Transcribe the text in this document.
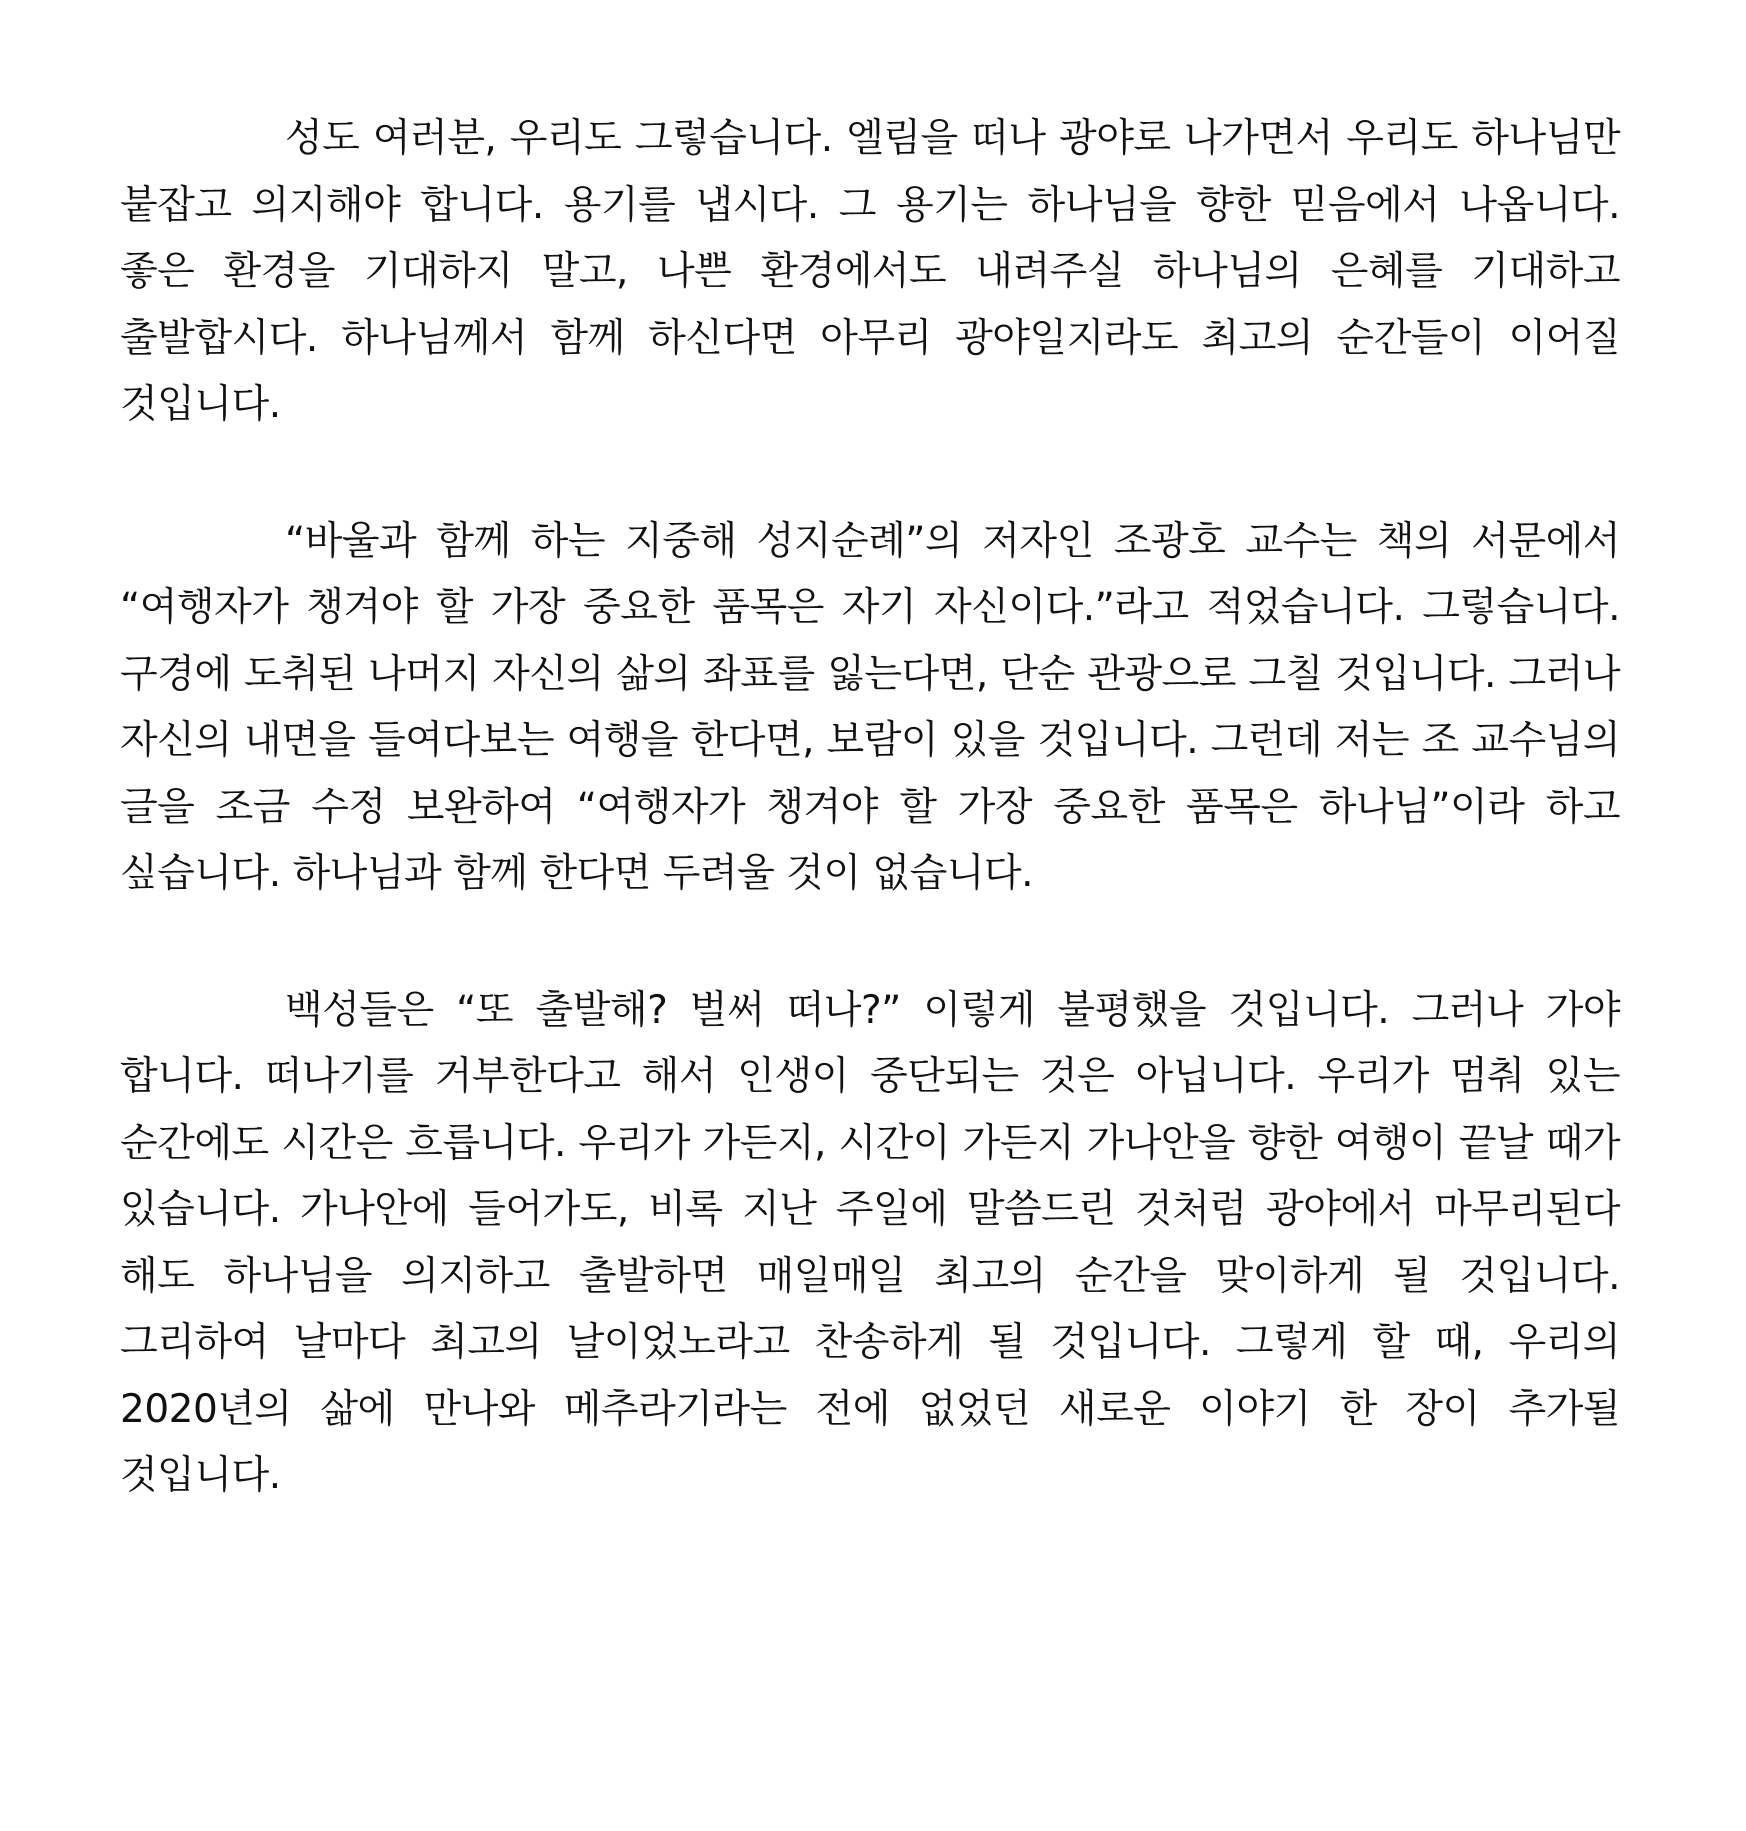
성도 여러분, 우리도 그렇습니다. 엘림을 떠나 광야로 나가면서 우리도 하나님만 붙잡고 의지해야 합니다. 용기를 냅시다. 그 용기는 하나님을 향한 믿음에서 나옵니다. 좋은 환경을 기대하지 말고, 나쁜 환경에서도 내려주실 하나님의 은혜를 기대하고 출발합시다. 하나님께서 함께 하신다면 아무리 광야일지라도 최고의 순간들이 이어질 것입니다.

“바울과 함께 하는 지중해 성지순례”의 저자인 조광호 교수는 책의 서문에서 “여행자가 챙겨야 할 가장 중요한 품목은 자기 자신이다.”라고 적었습니다. 그렇습니다. 구경에 도취된 나머지 자신의 삶의 좌표를 잃는다면, 단순 관광으로 그칠 것입니다. 그러나 자신의 내면을 들여다보는 여행을 한다면, 보람이 있을 것입니다. 그런데 저는 조 교수님의 글을 조금 수정 보완하여 “여행자가 챙겨야 할 가장 중요한 품목은 하나님”이라 하고 싶습니다. 하나님과 함께 한다면 두려울 것이 없습니다.

백성들은 “또 출발해? 벌써 떠나?” 이렇게 불평했을 것입니다. 그러나 가야 합니다. 떠나기를 거부한다고 해서 인생이 중단되는 것은 아닙니다. 우리가 멈춰 있는 순간에도 시간은 흐릅니다. 우리가 가든지, 시간이 가든지 가나안을 향한 여행이 끝날 때가 있습니다. 가나안에 들어가도, 비록 지난 주일에 말씀드린 것처럼 광야에서 마무리된다 해도 하나님을 의지하고 출발하면 매일매일 최고의 순간을 맞이하게 될 것입니다. 그리하여 날마다 최고의 날이었노라고 찬송하게 될 것입니다. 그렇게 할 때, 우리의 2020년의 삶에 만나와 메추라기라는 전에 없었던 새로운 이야기 한 장이 추가될 것입니다.
